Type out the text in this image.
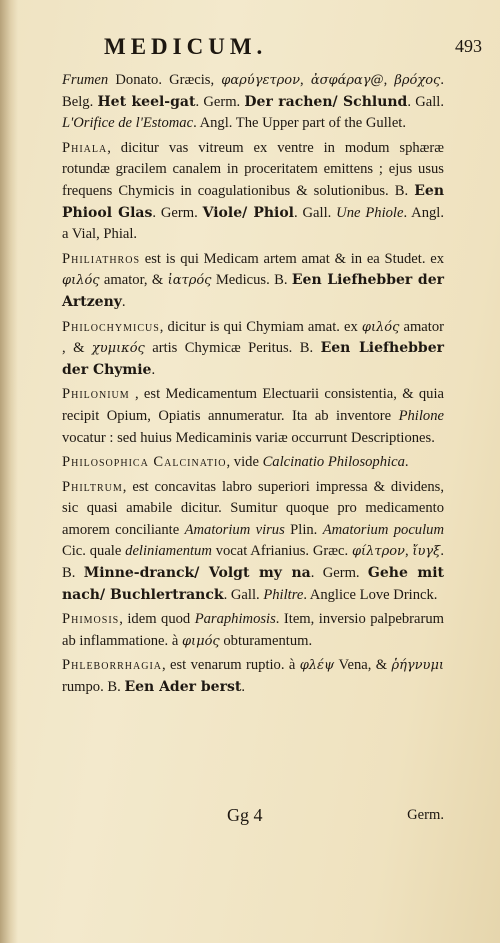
MEDICUM.	493

Frumen Donato. Græcis, φαρύγετρον, ἀσφάραγ@, βρόχος. Belg. Het keel-gat. Germ. Der rachen/ Schlund. Gall. L'Orifice de l'Estomac. Angl. The Upper part of the Gullet.

Phiala, dicitur vas vitreum ex ventre in modum sphæræ rotundæ gracilem canalem in proceritatem emittens ; ejus usus frequens Chymicis in coagulationibus & solutionibus. B. Een Phiool Glas. Germ. Viole/ Phiol. Gall. Une Phiole. Angl. a Vial, Phial.

Philiathros est is qui Medicam artem amat & in ea Studet. ex φιλός amator, & ἰατρός Medicus. B. Een Liefhebber der Artzeny.

Philochymicus, dicitur is qui Chymiam amat. ex φιλός amator , & χυμικός artis Chymicæ Peritus. B. Een Liefhebber der Chymie.

Philonium , est Medicamentum Electuarii consistentia, & quia recipit Opium, Opiatis annumeratur. Ita ab inventore Philone vocatur : sed huius Medicaminis variæ occurrunt Descriptiones.

Philosophica Calcinatio, vide Calcinatio Philosophica.

Philtrum, est concavitas labro superiori impressa & dividens, sic quasi amabile dicitur. Sumitur quoque pro medicamento amorem conciliante Amatorium virus Plin. Amatorium poculum Cic. quale deliniamentum vocat Afrianius. Græc. φίλτρον, ἴυγξ. B. Minne-dranck/ Volgt my na. Germ. Gehe mit nach/ Buchlertranck. Gall. Philtre. Anglice Love Drinck.

Phimosis, idem quod Paraphimosis. Item, inversio palpebrarum ab inflammatione. à φιμός obturamentum.

Phleborrhagia, est venarum ruptio. à φλέψ Vena, & ῥήγνυμι rumpo. B. Een Ader berst.

Gg 4	Germ.
